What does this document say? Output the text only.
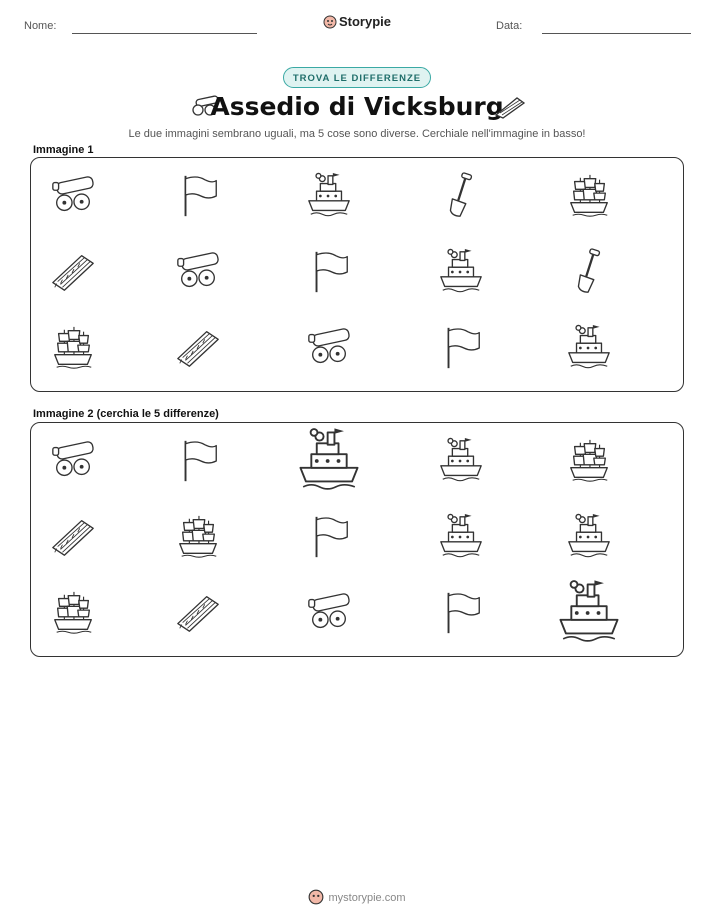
Nome:	Storypie	Data:
TROVA LE DIFFERENZE
Assedio di Vicksburg
Le due immagini sembrano uguali, ma 5 cose sono diverse. Cerchiale nell'immagine in basso!
Immagine 1
Immagine 2 (cerchia le 5 differenze)
mystorypie.com
